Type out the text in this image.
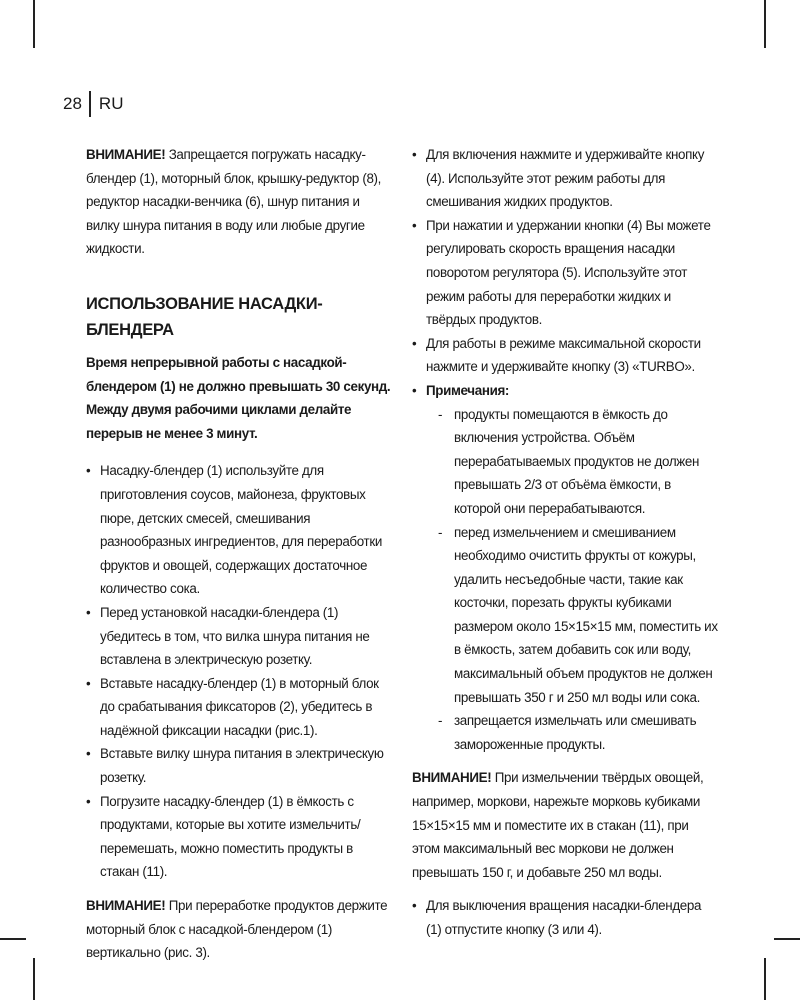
28	RU

ВНИМАНИЕ! Запрещается погружать насадку-блендер (1), моторный блок, крышку-редуктор (8), редуктор насадки-венчика (6), шнур питания и вилку шнура питания в воду или любые другие жидкости.

ИСПОЛЬЗОВАНИЕ НАСАДКИ-БЛЕНДЕРА

Время непрерывной работы с насадкой-блендером (1) не должно превышать 30 секунд. Между двумя рабочими циклами делайте перерыв не менее 3 минут.

• Насадку-блендер (1) используйте для приготовления соусов, майонеза, фруктовых пюре, детских смесей, смешивания разнообразных ингредиентов, для переработки фруктов и овощей, содержащих достаточное количество сока.
• Перед установкой насадки-блендера (1) убедитесь в том, что вилка шнура питания не вставлена в электрическую розетку.
• Вставьте насадку-блендер (1) в моторный блок до срабатывания фиксаторов (2), убедитесь в надёжной фиксации насадки (рис.1).
• Вставьте вилку шнура питания в электрическую розетку.
• Погрузите насадку-блендер (1) в ёмкость с продуктами, которые вы хотите измельчить/перемешать, можно поместить продукты в стакан (11).

ВНИМАНИЕ! При переработке продуктов держите моторный блок с насадкой-блендером (1) вертикально (рис. 3).

• Для включения нажмите и удерживайте кнопку (4). Используйте этот режим работы для смешивания жидких продуктов.
• При нажатии и удержании кнопки (4) Вы можете регулировать скорость вращения насадки поворотом регулятора (5). Используйте этот режим работы для переработки жидких и твёрдых продуктов.
• Для работы в режиме максимальной скорости нажмите и удерживайте кнопку (3) «TURBO».
• Примечания:
- продукты помещаются в ёмкость до включения устройства. Объём перерабатываемых продуктов не должен превышать 2/3 от объёма ёмкости, в которой они перерабатываются.
- перед измельчением и смешиванием необходимо очистить фрукты от кожуры, удалить несъедобные части, такие как косточки, порезать фрукты кубиками размером около 15×15×15 мм, поместить их в ёмкость, затем добавить сок или воду, максимальный объем продуктов не должен превышать 350 г и 250 мл воды или сока.
- запрещается измельчать или смешивать замороженные продукты.

ВНИМАНИЕ! При измельчении твёрдых овощей, например, моркови, нарежьте морковь кубиками 15×15×15 мм и поместите их в стакан (11), при этом максимальный вес моркови не должен превышать 150 г, и добавьте 250 мл воды.

• Для выключения вращения насадки-блендера (1) отпустите кнопку (3 или 4).
